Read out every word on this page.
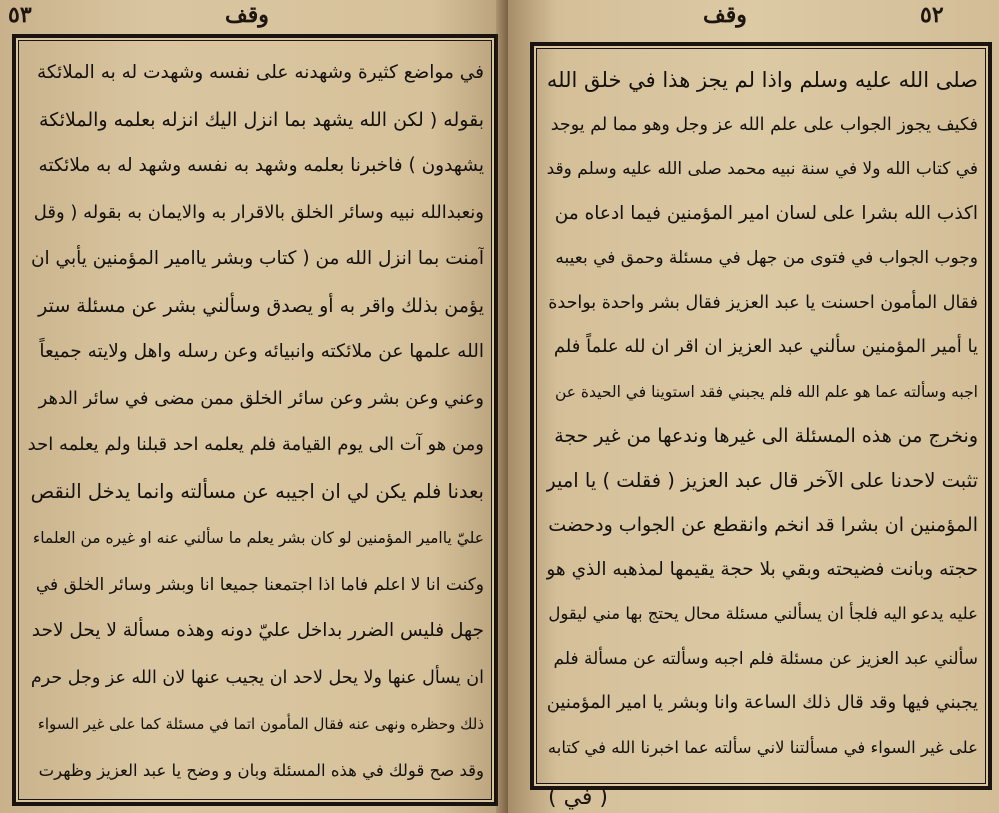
٥٣	وقف
في مواضع كثيرة وشهدنه على نفسه وشهدت له به الملائكة
بقوله ( لكن الله يشهد بما انزل اليك انزله بعلمه والملائكة
يشهدون ) فاخبرنا بعلمه وشهد به نفسه وشهد له به ملائكته
ونعبدالله نبيه وسائر الخلق بالاقرار به والايمان به بقوله ( وقل
آمنت بما انزل الله من ( كتاب وبشر ياامير المؤمنين يأبي ان
يؤمن بذلك واقر به أو يصدق وسألني بشر عن مسئلة ستر
الله علمها عن ملائكته وانبيائه وعن رسله واهل ولايته جميعاً
وعني وعن بشر وعن سائر الخلق ممن مضى في سائر الدهر
ومن هو آت الى يوم القيامة فلم يعلمه احد قبلنا ولم يعلمه احد
بعدنا فلم يكن لي ان اجيبه عن مسألته وانما يدخل النقص
عليّ ياامير المؤمنين لو كان بشر يعلم ما سألني عنه او غيره من العلماء
وكنت انا لا اعلم فاما اذا اجتمعنا جميعا انا وبشر وسائر الخلق في
جهل فليس الضرر بداخل عليّ دونه وهذه مسألة لا يحل لاحد
ان يسأل عنها ولا يحل لاحد ان يجيب عنها لان الله عز وجل حرم
ذلك وحظره ونهى عنه فقال المأمون اتما في مسئلة كما على غير السواء
وقد صح قولك في هذه المسئلة وبان و وضح يا عبد العزيز وظهرت
٥٢
وقف
صلى الله عليه وسلم واذا لم يجز هذا في خلق الله
فكيف يجوز الجواب على علم الله عز وجل وهو مما لم يوجد
في كتاب الله ولا في سنة نبيه محمد صلى الله عليه وسلم وقد
اكذب الله بشرا على لسان امير المؤمنين فيما ادعاه من
وجوب الجواب في فتوى من جهل في مسئلة وحمق في بعيبه
فقال المأمون احسنت يا عبد العزيز فقال بشر واحدة بواحدة
يا أمير المؤمنين سألني عبد العزيز ان اقر ان لله علماً فلم
اجبه وسألته عما هو علم الله فلم يجبني فقد استوينا في الحيدة عن
ونخرج من هذه المسئلة الى غيرها وندعها من غير حجة
تثبت لاحدنا على الآخر قال عبد العزيز ( فقلت ) يا امير
المؤمنين ان بشرا قد انخم وانقطع عن الجواب ودحضت
حجته وبانت فضيحته وبقي بلا حجة يقيمها لمذهبه الذي هو
عليه يدعو اليه فلجأ ان يسألني مسئلة محال يحتج بها مني ليقول
سألني عبد العزيز عن مسئلة فلم اجبه وسألته عن مسألة فلم
يجبني فيها وقد قال ذلك الساعة وانا وبشر يا امير المؤمنين
على غير السواء في مسألتنا لاني سألته عما اخبرنا الله في كتابه
( في )
